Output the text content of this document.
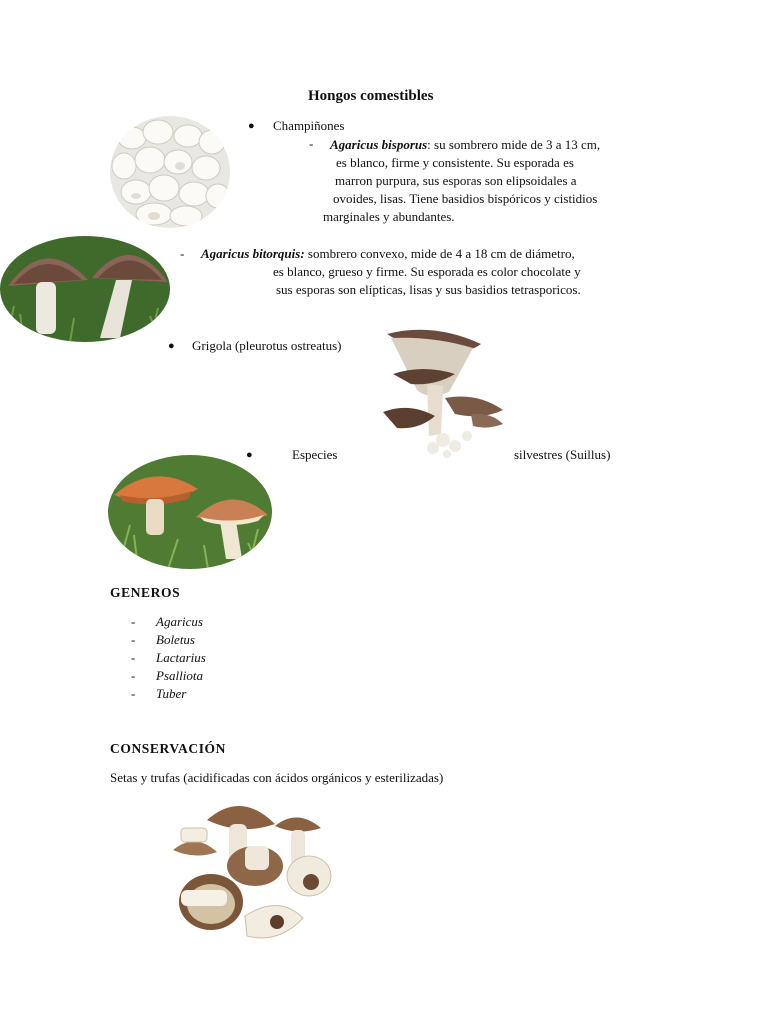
Hongos comestibles
● Champiñones
- Agaricus bisporus: su sombrero mide de 3 a 13 cm,
es blanco, firme y consistente. Su esporada es
marron purpura, sus esporas son elipsoidales a
ovoides, lisas. Tiene basidios bispóricos y cistidios
marginales y abundantes.
- Agaricus bitorquis: sombrero convexo, mide de 4 a 18 cm de diámetro,
es blanco, grueso y firme. Su esporada es color chocolate y
sus esporas son elípticas, lisas y sus basidios tetrasporicos.
● Grigola (pleurotus ostreatus)
●	Especies	silvestres (Suillus)
GENEROS
- Agaricus
- Boletus
- Lactarius
- Psalliota
- Tuber
CONSERVACIÓN
Setas y trufas (acidificadas con ácidos orgánicos y esterilizadas)
